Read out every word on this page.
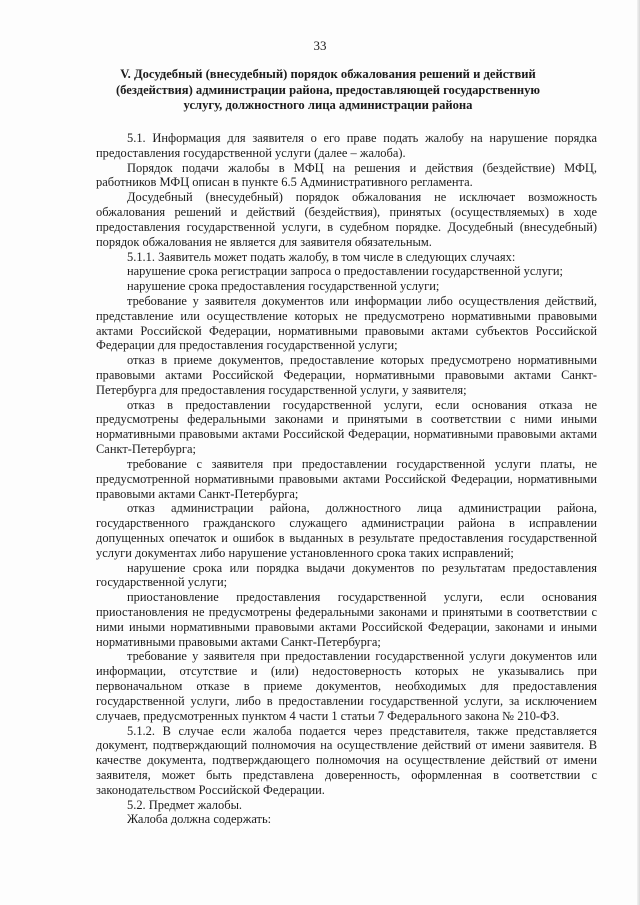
33
V. Досудебный (внесудебный) порядок обжалования решений и действий (бездействия) администрации района, предоставляющей государственную услугу, должностного лица администрации района

5.1. Информация для заявителя о его праве подать жалобу на нарушение порядка предоставления государственной услуги (далее – жалоба).

Порядок подачи жалобы в МФЦ на решения и действия (бездействие) МФЦ, работников МФЦ описан в пункте 6.5 Административного регламента.

Досудебный (внесудебный) порядок обжалования не исключает возможность обжалования решений и действий (бездействия), принятых (осуществляемых) в ходе предоставления государственной услуги, в судебном порядке. Досудебный (внесудебный) порядок обжалования не является для заявителя обязательным.

5.1.1. Заявитель может подать жалобу, в том числе в следующих случаях:

нарушение срока регистрации запроса о предоставлении государственной услуги;

нарушение срока предоставления государственной услуги;

требование у заявителя документов или информации либо осуществления действий, представление или осуществление которых не предусмотрено нормативными правовыми актами Российской Федерации, нормативными правовыми актами субъектов Российской Федерации для предоставления государственной услуги;

отказ в приеме документов, предоставление которых предусмотрено нормативными правовыми актами Российской Федерации, нормативными правовыми актами Санкт-Петербурга для предоставления государственной услуги, у заявителя;

отказ в предоставлении государственной услуги, если основания отказа не предусмотрены федеральными законами и принятыми в соответствии с ними иными нормативными правовыми актами Российской Федерации, нормативными правовыми актами Санкт-Петербурга;

требование с заявителя при предоставлении государственной услуги платы, не предусмотренной нормативными правовыми актами Российской Федерации, нормативными правовыми актами Санкт-Петербурга;

отказ администрации района, должностного лица администрации района, государственного гражданского служащего администрации района в исправлении допущенных опечаток и ошибок в выданных в результате предоставления государственной услуги документах либо нарушение установленного срока таких исправлений;

нарушение срока или порядка выдачи документов по результатам предоставления государственной услуги;

приостановление предоставления государственной услуги, если основания приостановления не предусмотрены федеральными законами и принятыми в соответствии с ними иными нормативными правовыми актами Российской Федерации, законами и иными нормативными правовыми актами Санкт-Петербурга;

требование у заявителя при предоставлении государственной услуги документов или информации, отсутствие и (или) недостоверность которых не указывались при первоначальном отказе в приеме документов, необходимых для предоставления государственной услуги, либо в предоставлении государственной услуги, за исключением случаев, предусмотренных пунктом 4 части 1 статьи 7 Федерального закона № 210-ФЗ.

5.1.2. В случае если жалоба подается через представителя, также представляется документ, подтверждающий полномочия на осуществление действий от имени заявителя. В качестве документа, подтверждающего полномочия на осуществление действий от имени заявителя, может быть представлена доверенность, оформленная в соответствии с законодательством Российской Федерации.

5.2. Предмет жалобы.

Жалоба должна содержать:
